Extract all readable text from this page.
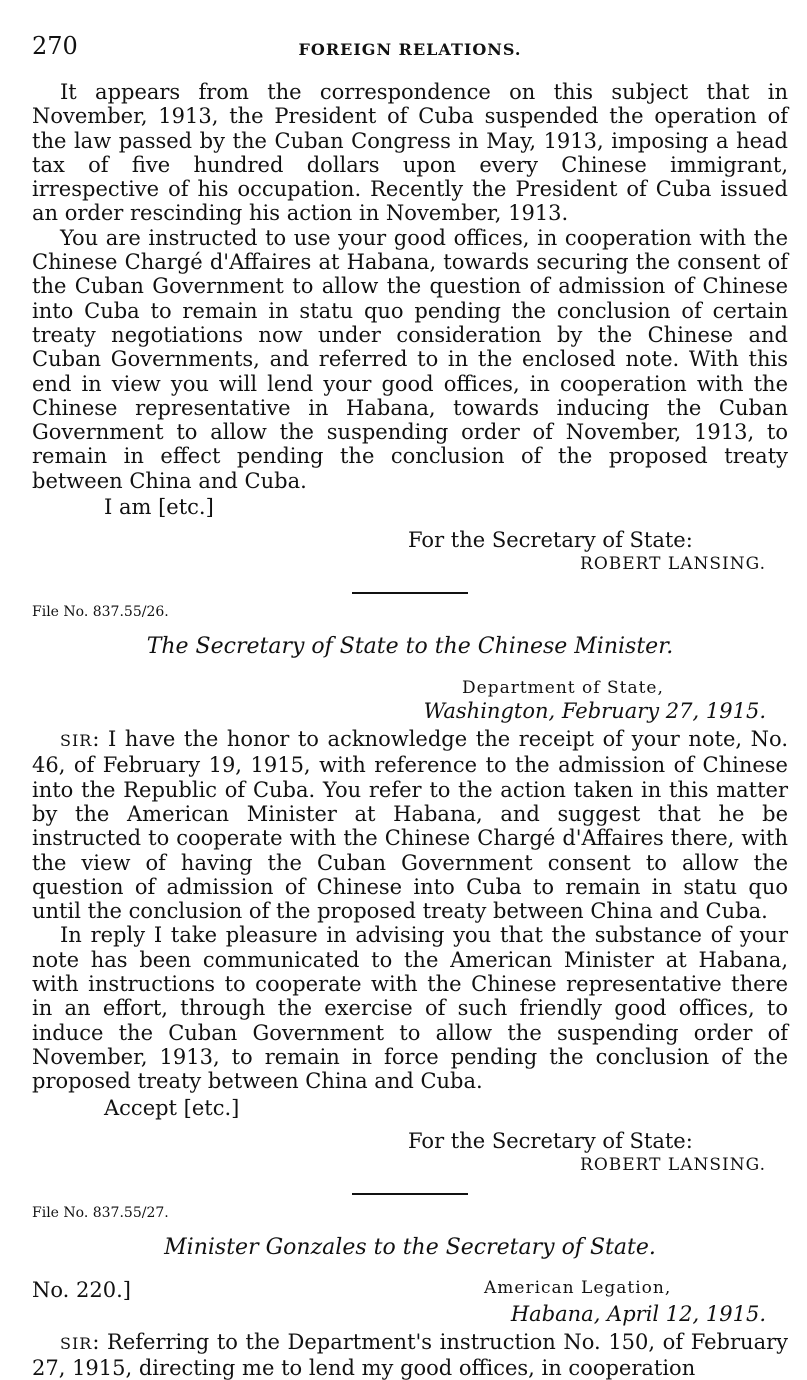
270	FOREIGN RELATIONS.

It appears from the correspondence on this subject that in November, 1913, the President of Cuba suspended the operation of the law passed by the Cuban Congress in May, 1913, imposing a head tax of five hundred dollars upon every Chinese immigrant, irrespective of his occupation. Recently the President of Cuba issued an order rescinding his action in November, 1913.

You are instructed to use your good offices, in cooperation with the Chinese Chargé d'Affaires at Habana, towards securing the consent of the Cuban Government to allow the question of admission of Chinese into Cuba to remain in statu quo pending the conclusion of certain treaty negotiations now under consideration by the Chinese and Cuban Governments, and referred to in the enclosed note. With this end in view you will lend your good offices, in cooperation with the Chinese representative in Habana, towards inducing the Cuban Government to allow the suspending order of November, 1913, to remain in effect pending the conclusion of the proposed treaty between China and Cuba.

I am [etc.]
For the Secretary of State:
ROBERT LANSING.
File No. 837.55/26.
The Secretary of State to the Chinese Minister.
Department of State,
Washington, February 27, 1915.

SIR: I have the honor to acknowledge the receipt of your note, No. 46, of February 19, 1915, with reference to the admission of Chinese into the Republic of Cuba. You refer to the action taken in this matter by the American Minister at Habana, and suggest that he be instructed to cooperate with the Chinese Chargé d'Affaires there, with the view of having the Cuban Government consent to allow the question of admission of Chinese into Cuba to remain in statu quo until the conclusion of the proposed treaty between China and Cuba.

In reply I take pleasure in advising you that the substance of your note has been communicated to the American Minister at Habana, with instructions to cooperate with the Chinese representative there in an effort, through the exercise of such friendly good offices, to induce the Cuban Government to allow the suspending order of November, 1913, to remain in force pending the conclusion of the proposed treaty between China and Cuba.

Accept [etc.]
For the Secretary of State:
ROBERT LANSING.
File No. 837.55/27.
Minister Gonzales to the Secretary of State.
No. 220.]	American Legation,
Habana, April 12, 1915.

SIR: Referring to the Department's instruction No. 150, of February 27, 1915, directing me to lend my good offices, in cooperation
